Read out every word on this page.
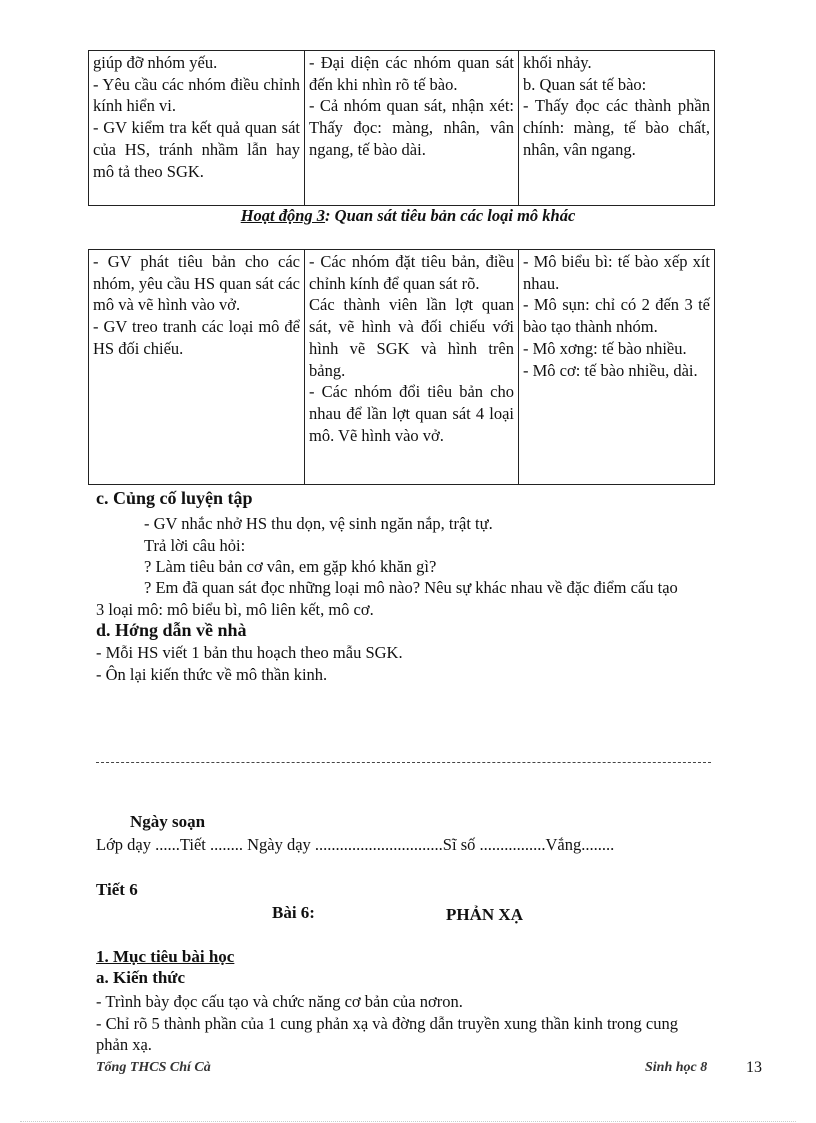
giúp đỡ nhóm yếu.
- Yêu cầu các nhóm điều chỉnh kính hiển vi.
- GV kiểm tra kết quả quan sát của HS, tránh nhầm lẫn hay mô tả theo SGK.

- Đại diện các nhóm quan sát đến khi nhìn rõ tế bào.
- Cả nhóm quan sát, nhận xét: Thấy đọc: màng, nhân, vân ngang, tế bào dài.

khối nhảy.
b. Quan sát tế bào:
- Thấy đọc các thành phần chính: màng, tế bào chất, nhân, vân ngang.
Hoạt động 3: Quan sát tiêu bản các loại mô khác
- GV phát tiêu bản cho các nhóm, yêu cầu HS quan sát các mô và vẽ hình vào vở.
- GV treo tranh các loại mô để HS đối chiếu.

- Các nhóm đặt tiêu bản, điều chỉnh kính để quan sát rõ.
Các thành viên lần lợt quan sát, vẽ hình và đối chiếu với hình vẽ SGK và hình trên bảng.
- Các nhóm đổi tiêu bản cho nhau để lần lợt quan sát 4 loại mô. Vẽ hình vào vở.

- Mô biểu bì: tế bào xếp xít nhau.
- Mô sụn: chỉ có 2 đến 3 tế bào tạo thành nhóm.
- Mô xơng: tế bào nhiều.
- Mô cơ: tế bào nhiều, dài.
c. Củng cố luyện tập
- GV nhắc nhở HS thu dọn, vệ sinh ngăn nắp, trật tự.
Trả lời câu hỏi:
? Làm tiêu bản cơ vân, em gặp khó khăn gì?
? Em đã quan sát đọc những loại mô nào? Nêu sự khác nhau về đặc điểm cấu tạo
3 loại mô: mô biểu bì, mô liên kết, mô cơ.
d. Hớng dẫn về nhà
- Mỗi HS viết 1 bản thu hoạch theo mẫu SGK.
- Ôn lại kiến thức về mô thần kinh.
Ngày soạn
Lớp dạy ......Tiết ........ Ngày dạy ...............................Sĩ số ................Vắng........
Tiết 6
Bài 6:	PHẢN XẠ
1. Mục tiêu bài học
a. Kiến thức
- Trình bày đọc cấu tạo và chức năng cơ bản của nơron.
- Chỉ rõ 5 thành phần của 1 cung phản xạ và đờng dẫn truyền xung thần kinh trong cung
phản xạ.
Tổng THCS Chí Cà	Sinh học 8 13
